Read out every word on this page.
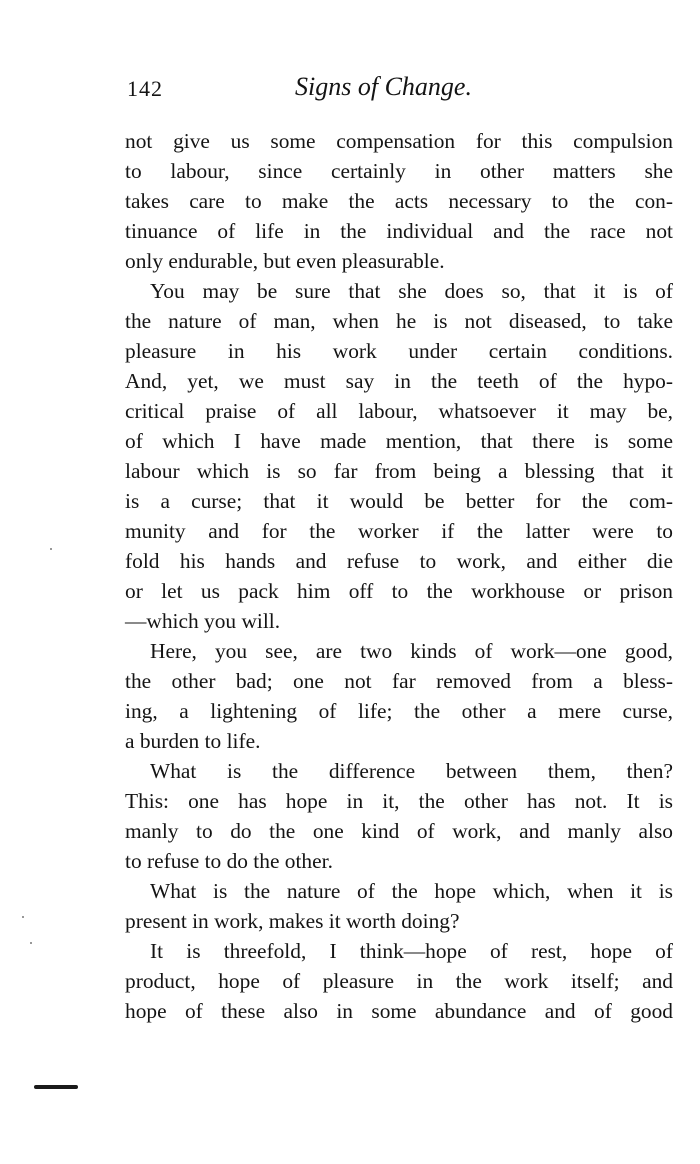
142	Signs of Change.
not give us some compensation for this compulsion
to labour, since certainly in other matters she
takes care to make the acts necessary to the con-
tinuance of life in the individual and the race not
only endurable, but even pleasurable.
You may be sure that she does so, that it is of
the nature of man, when he is not diseased, to take
pleasure in his work under certain conditions.
And, yet, we must say in the teeth of the hypo-
critical praise of all labour, whatsoever it may be,
of which I have made mention, that there is some
labour which is so far from being a blessing that it
is a curse; that it would be better for the com-
munity and for the worker if the latter were to
fold his hands and refuse to work, and either die
or let us pack him off to the workhouse or prison
—which you will.
Here, you see, are two kinds of work—one good,
the other bad; one not far removed from a bless-
ing, a lightening of life; the other a mere curse,
a burden to life.
What is the difference between them, then?
This: one has hope in it, the other has not. It is
manly to do the one kind of work, and manly also
to refuse to do the other.
What is the nature of the hope which, when it is
present in work, makes it worth doing?
It is threefold, I think—hope of rest, hope of
product, hope of pleasure in the work itself; and
hope of these also in some abundance and of good
